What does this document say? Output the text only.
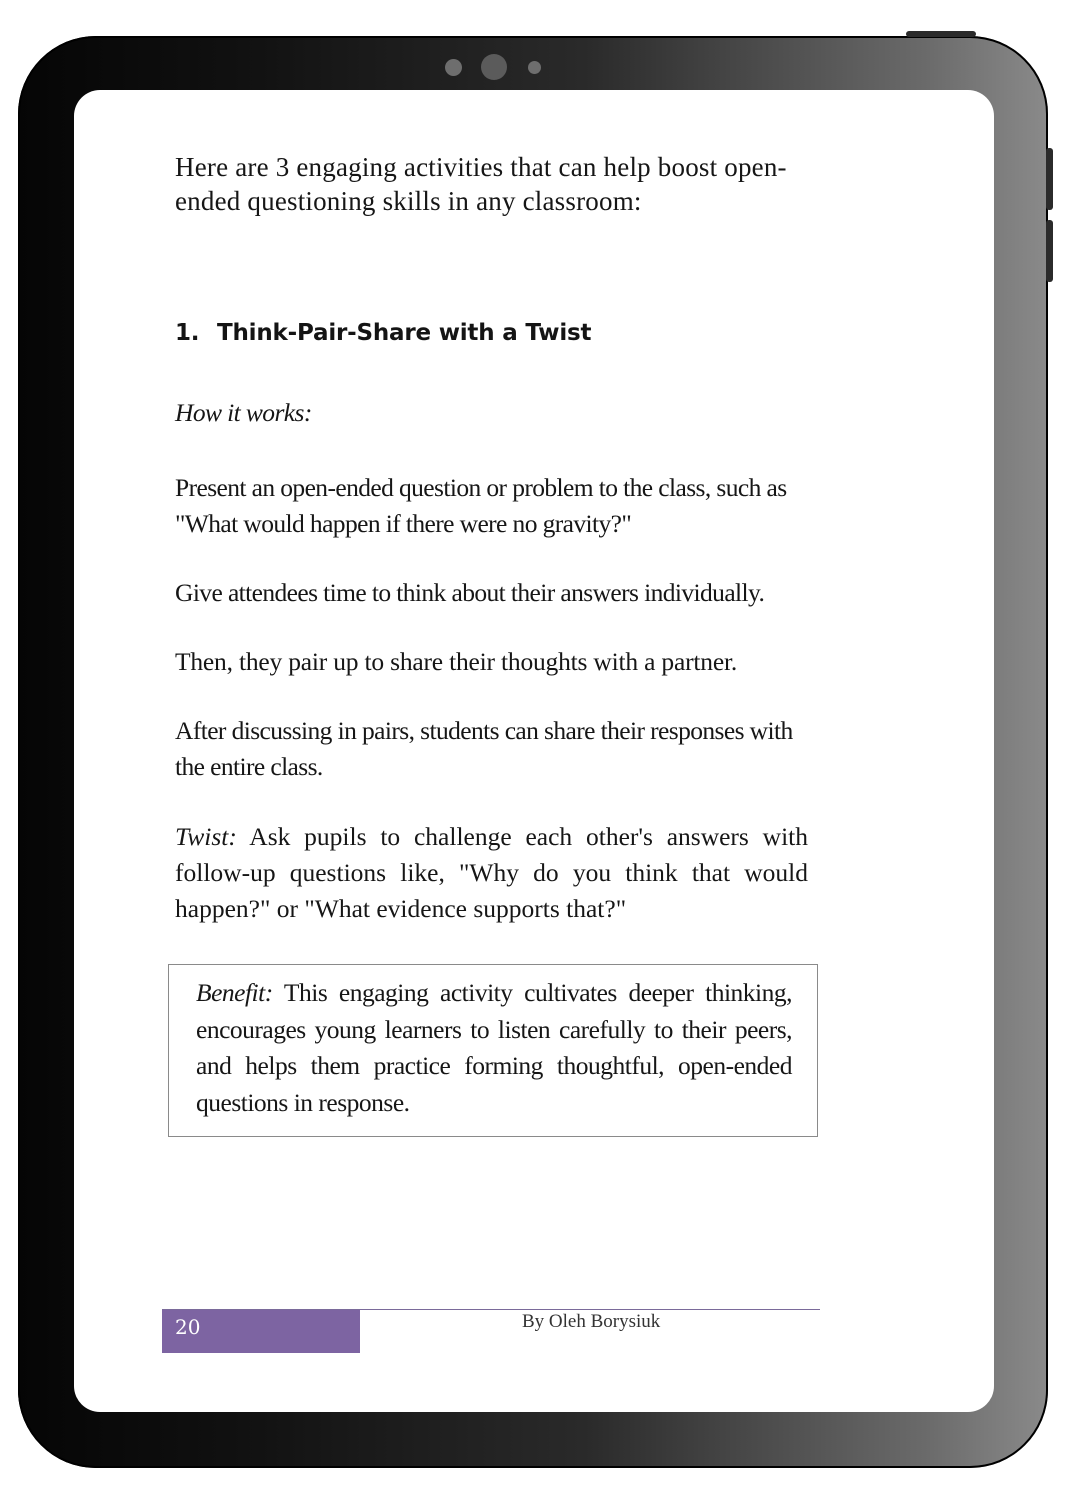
Here are 3 engaging activities that can help boost open-ended questioning skills in any classroom:

1. Think-Pair-Share with a Twist

How it works:

Present an open-ended question or problem to the class, such as "What would happen if there were no gravity?"

Give attendees time to think about their answers individually.

Then, they pair up to share their thoughts with a partner.

After discussing in pairs, students can share their responses with the entire class.

Twist: Ask pupils to challenge each other's answers with follow-up questions like, "Why do you think that would happen?" or "What evidence supports that?"

Benefit: This engaging activity cultivates deeper thinking, encourages young learners to listen carefully to their peers, and helps them practice forming thoughtful, open-ended questions in response.

20	By Oleh Borysiuk
